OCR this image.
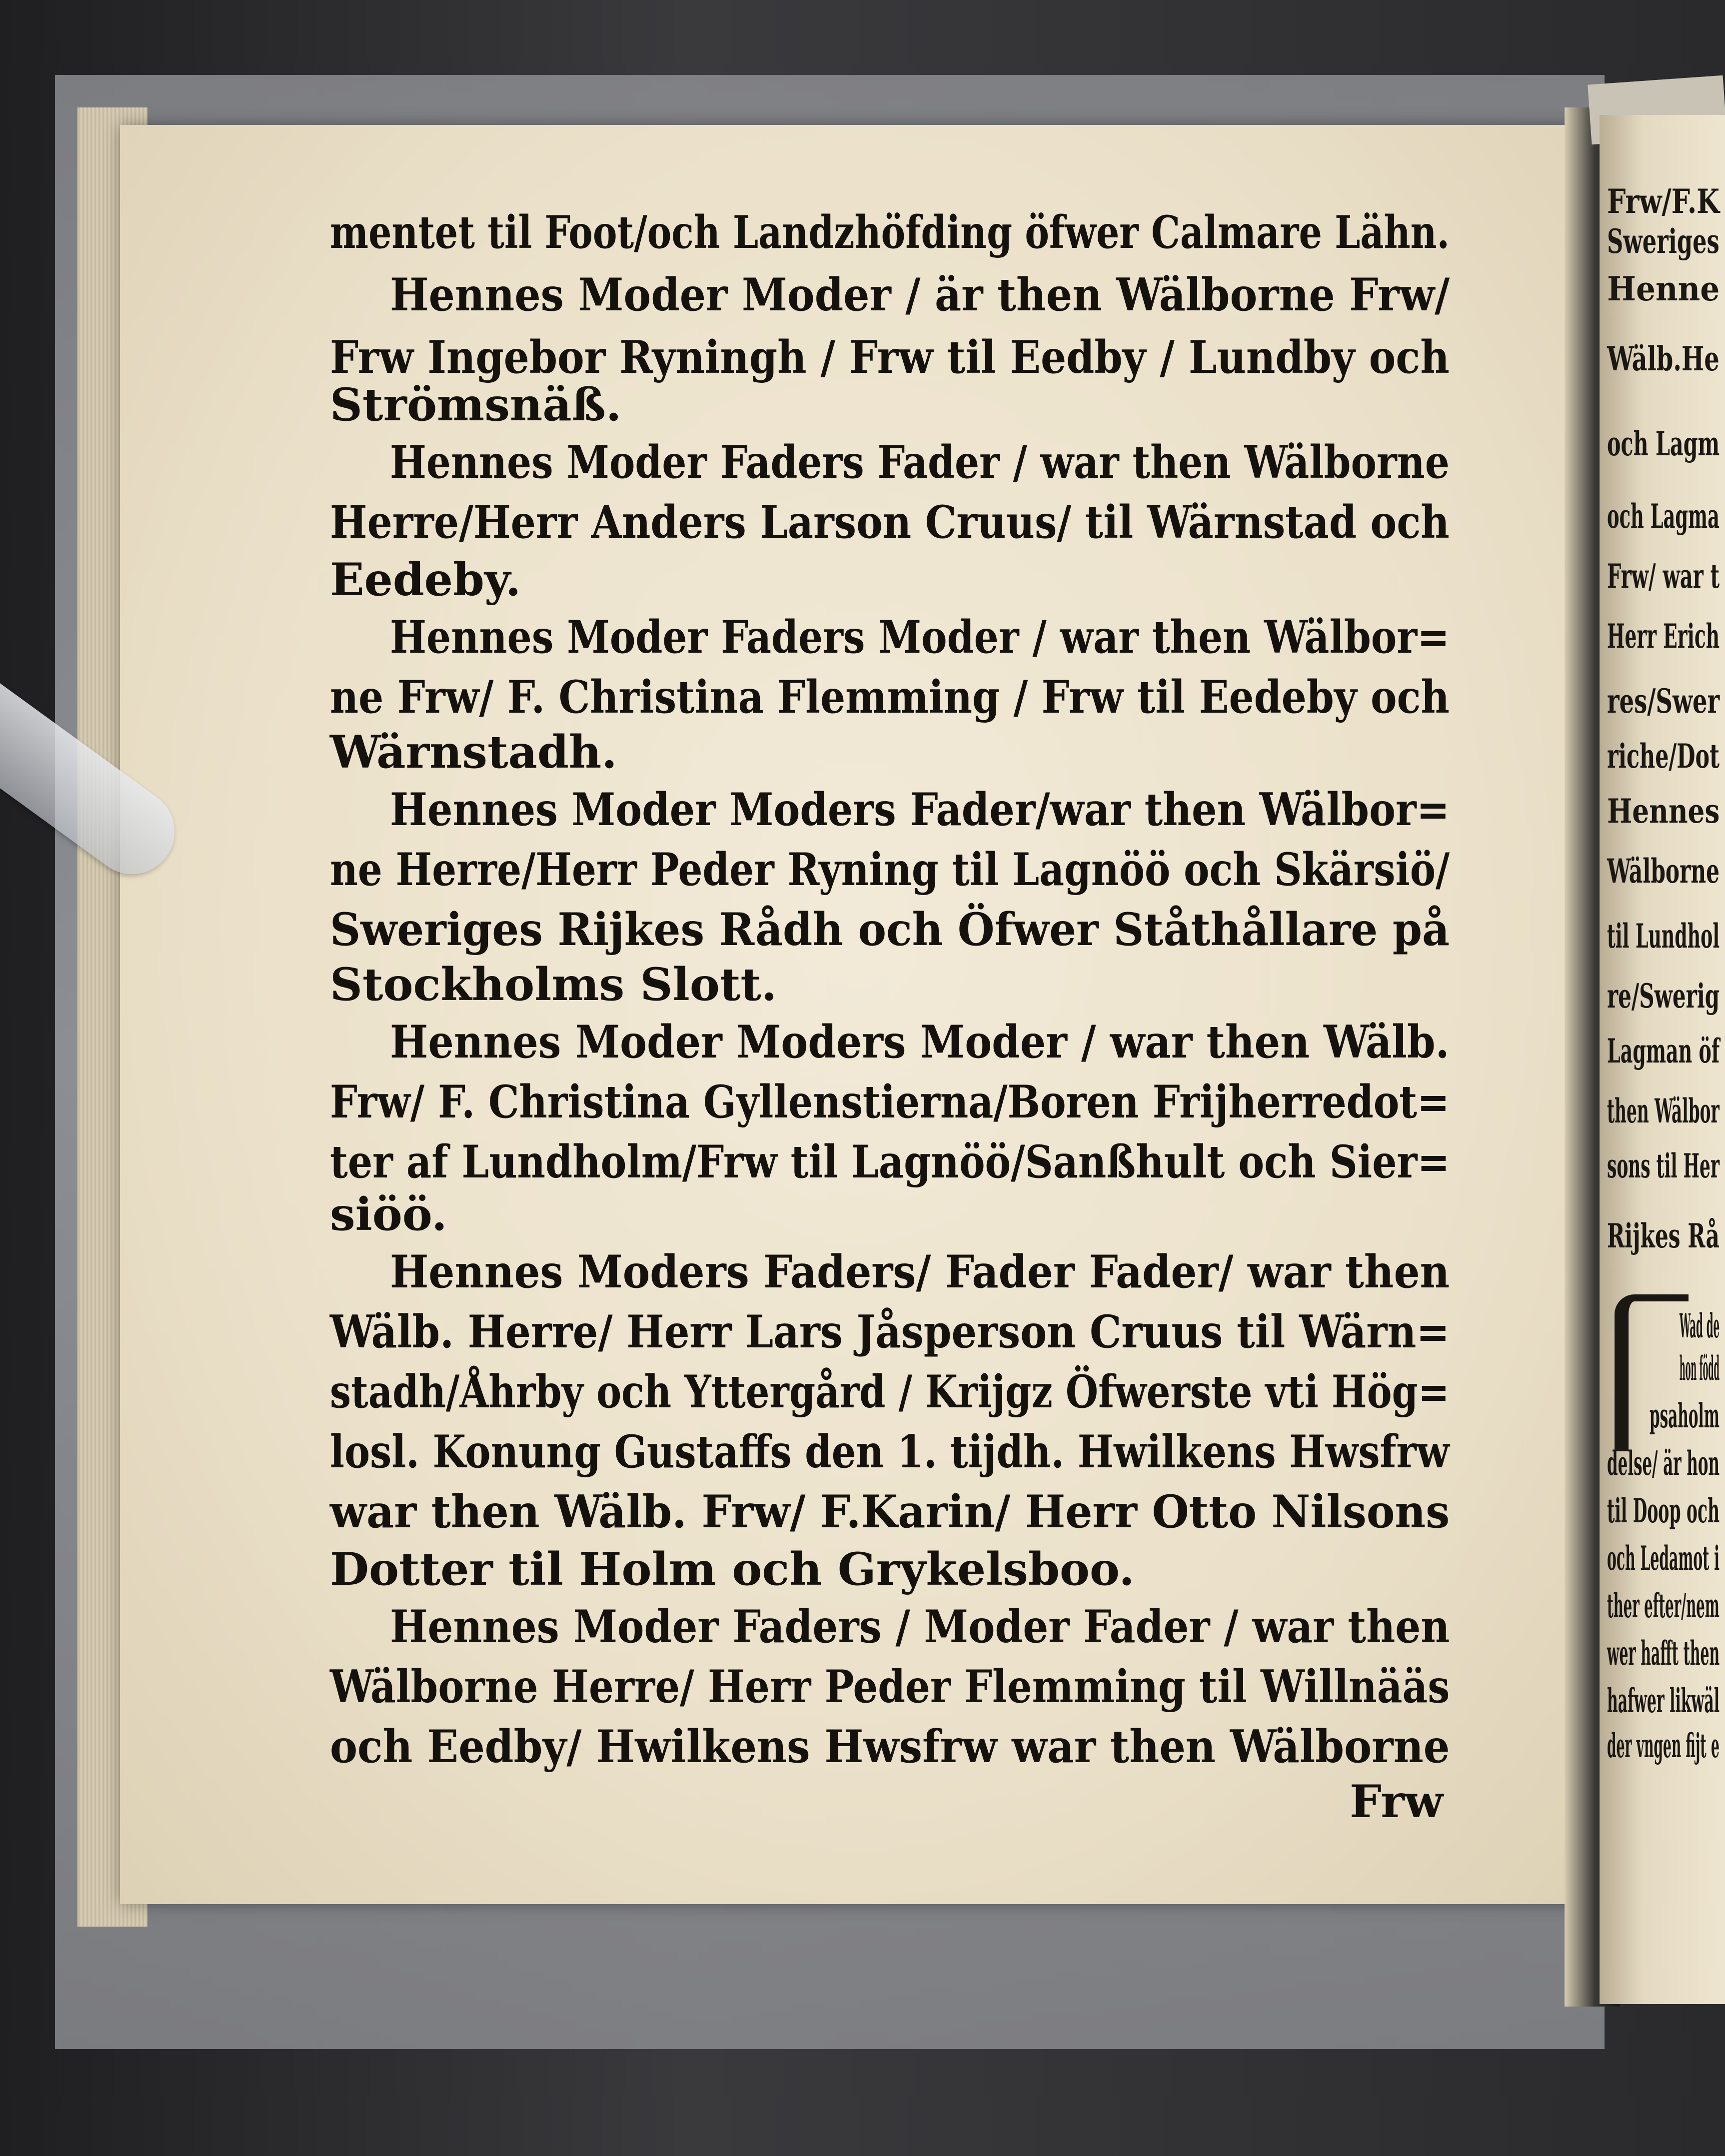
mentet til Foot/och Landzhöfding öfwer Calmare Lähn.
Hennes Moder Moder / är then Wälborne Frw/
Frw Ingebor Ryningh / Frw til Eedby / Lundby och
Strömsnäß.
Hennes Moder Faders Fader / war then Wälborne
Herre/Herr Anders Larson Cruus/ til Wärnstad och
Eedeby.
Hennes Moder Faders Moder / war then Wälbor=
ne Frw/ F. Christina Flemming / Frw til Eedeby och
Wärnstadh.
Hennes Moder Moders Fader/war then Wälbor=
ne Herre/Herr Peder Ryning til Lagnöö och Skärsiö/
Sweriges Rijkes Rådh och Öfwer Ståthållare på
Stockholms Slott.
Hennes Moder Moders Moder / war then Wälb.
Frw/ F. Christina Gyllenstierna/Boren Frijherredot=
ter af Lundholm/Frw til Lagnöö/Sanßhult och Sier=
siöö.
Hennes Moders Faders/ Fader Fader/ war then
Wälb. Herre/ Herr Lars Jåsperson Cruus til Wärn=
stadh/Åhrby och Yttergård / Krijgz Öfwerste vti Hög=
losl. Konung Gustaffs den 1. tijdh. Hwilkens Hwsfrw
war then Wälb. Frw/ F.Karin/ Herr Otto Nilsons
Dotter til Holm och Grykelsboo.
Hennes Moder Faders / Moder Fader / war then
Wälborne Herre/ Herr Peder Flemming til Willnääs
och Eedby/ Hwilkens Hwsfrw war then Wälborne
Frw
Frw/F.K
Sweriges
Henne
Wälb.He
och Lagm
och Lagma
Frw/ war t
Herr Erich
res/Swer
riche/Dot
Hennes
Wälborne
til Lundhol
re/Swerig
Lagman öf
then Wälbor
sons til Her
Rijkes Rå
Wad de
hon född
psaholm
delse/ är hon
til Doop och
och Ledamot i
ther efter/nem
wer hafft then
hafwer likwäl
der vngen fijt e
